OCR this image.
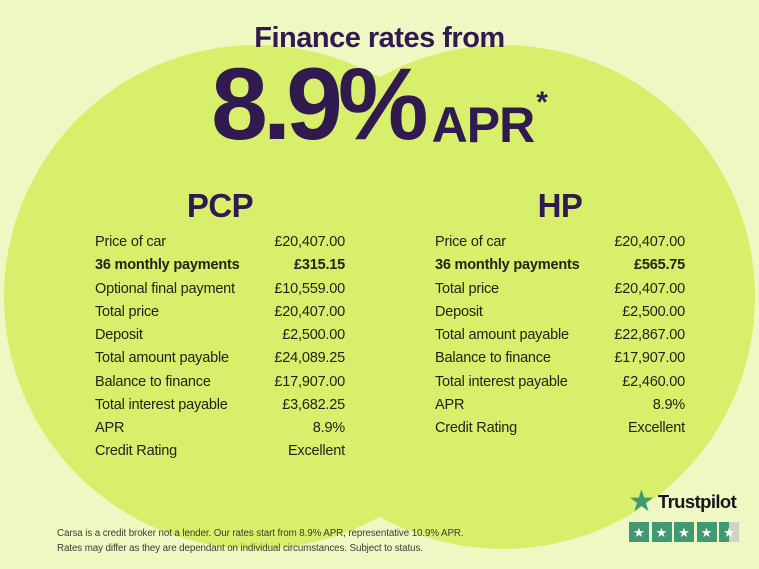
Finance rates from
8.9% APR *
PCP
Price of car	£20,407.00
36 monthly payments	£315.15
Optional final payment	£10,559.00
Total price	£20,407.00
Deposit	£2,500.00
Total amount payable	£24,089.25
Balance to finance	£17,907.00
Total interest payable	£3,682.25
APR	8.9%
Credit Rating	Excellent
HP
Price of car	£20,407.00
36 monthly payments	£565.75
Total price	£20,407.00
Deposit	£2,500.00
Total amount payable	£22,867.00
Balance to finance	£17,907.00
Total interest payable	£2,460.00
APR	8.9%
Credit Rating	Excellent
Carsa is a credit broker not a lender. Our rates start from 8.9% APR, representative 10.9% APR.
Rates may differ as they are dependant on individual circumstances. Subject to status.
★ Trustpilot
★ ★ ★ ★ ★
